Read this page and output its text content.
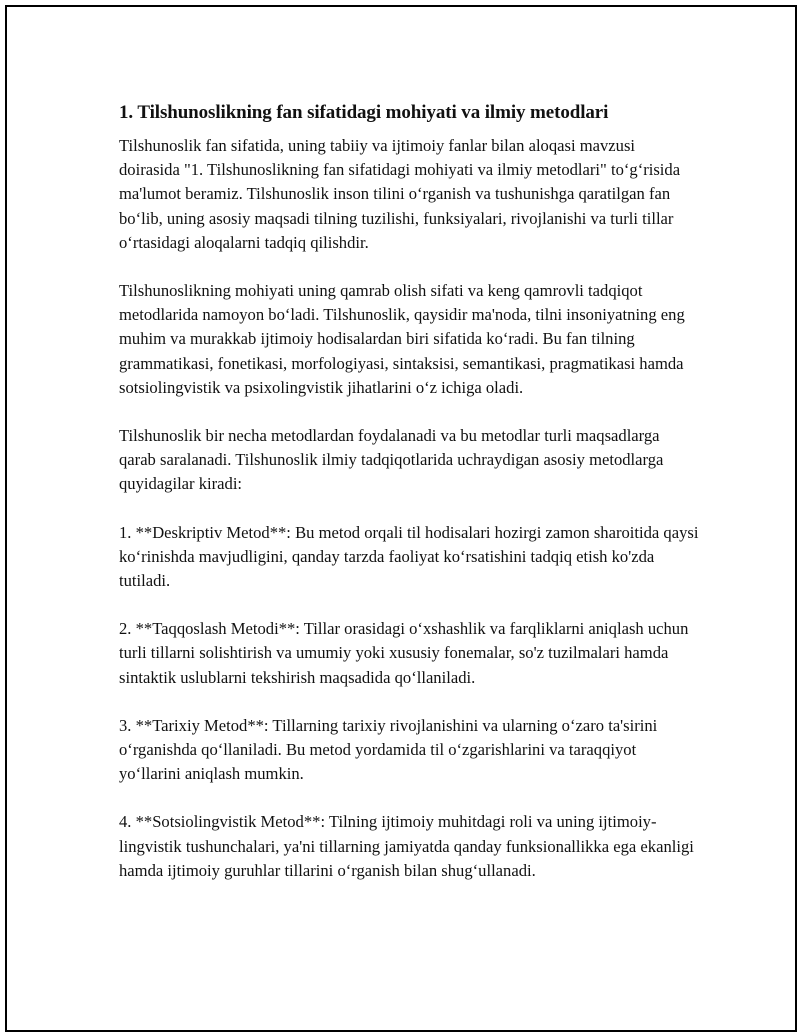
1. Tilshunoslikning fan sifatidagi mohiyati va ilmiy metodlari

Tilshunoslik fan sifatida, uning tabiiy va ijtimoiy fanlar bilan aloqasi mavzusi doirasida "1. Tilshunoslikning fan sifatidagi mohiyati va ilmiy metodlari" to‘g‘risida ma'lumot beramiz. Tilshunoslik inson tilini o‘rganish va tushunishga qaratilgan fan bo‘lib, uning asosiy maqsadi tilning tuzilishi, funksiyalari, rivojlanishi va turli tillar o‘rtasidagi aloqalarni tadqiq qilishdir.

Tilshunoslikning mohiyati uning qamrab olish sifati va keng qamrovli tadqiqot metodlarida namoyon bo‘ladi. Tilshunoslik, qaysidir ma'noda, tilni insoniyatning eng muhim va murakkab ijtimoiy hodisalardan biri sifatida ko‘radi. Bu fan tilning grammatikasi, fonetikasi, morfologiyasi, sintaksisi, semantikasi, pragmatikasi hamda sotsiolingvistik va psixolingvistik jihatlarini o‘z ichiga oladi.

Tilshunoslik bir necha metodlardan foydalanadi va bu metodlar turli maqsadlarga qarab saralanadi. Tilshunoslik ilmiy tadqiqotlarida uchraydigan asosiy metodlarga quyidagilar kiradi:

1. **Deskriptiv Metod**: Bu metod orqali til hodisalari hozirgi zamon sharoitida qaysi ko‘rinishda mavjudligini, qanday tarzda faoliyat ko‘rsatishini tadqiq etish ko'zda tutiladi.

2. **Taqqoslash Metodi**: Tillar orasidagi o‘xshashlik va farqliklarni aniqlash uchun turli tillarni solishtirish va umumiy yoki xususiy fonemalar, so'z tuzilmalari hamda sintaktik uslublarni tekshirish maqsadida qo‘llaniladi.

3. **Tarixiy Metod**: Tillarning tarixiy rivojlanishini va ularning o‘zaro ta'sirini o‘rganishda qo‘llaniladi. Bu metod yordamida til o‘zgarishlarini va taraqqiyot yo‘llarini aniqlash mumkin.

4. **Sotsiolingvistik Metod**: Tilning ijtimoiy muhitdagi roli va uning ijtimoiy-lingvistik tushunchalari, ya'ni tillarning jamiyatda qanday funksionallikka ega ekanligi hamda ijtimoiy guruhlar tillarini o‘rganish bilan shug‘ullanadi.
